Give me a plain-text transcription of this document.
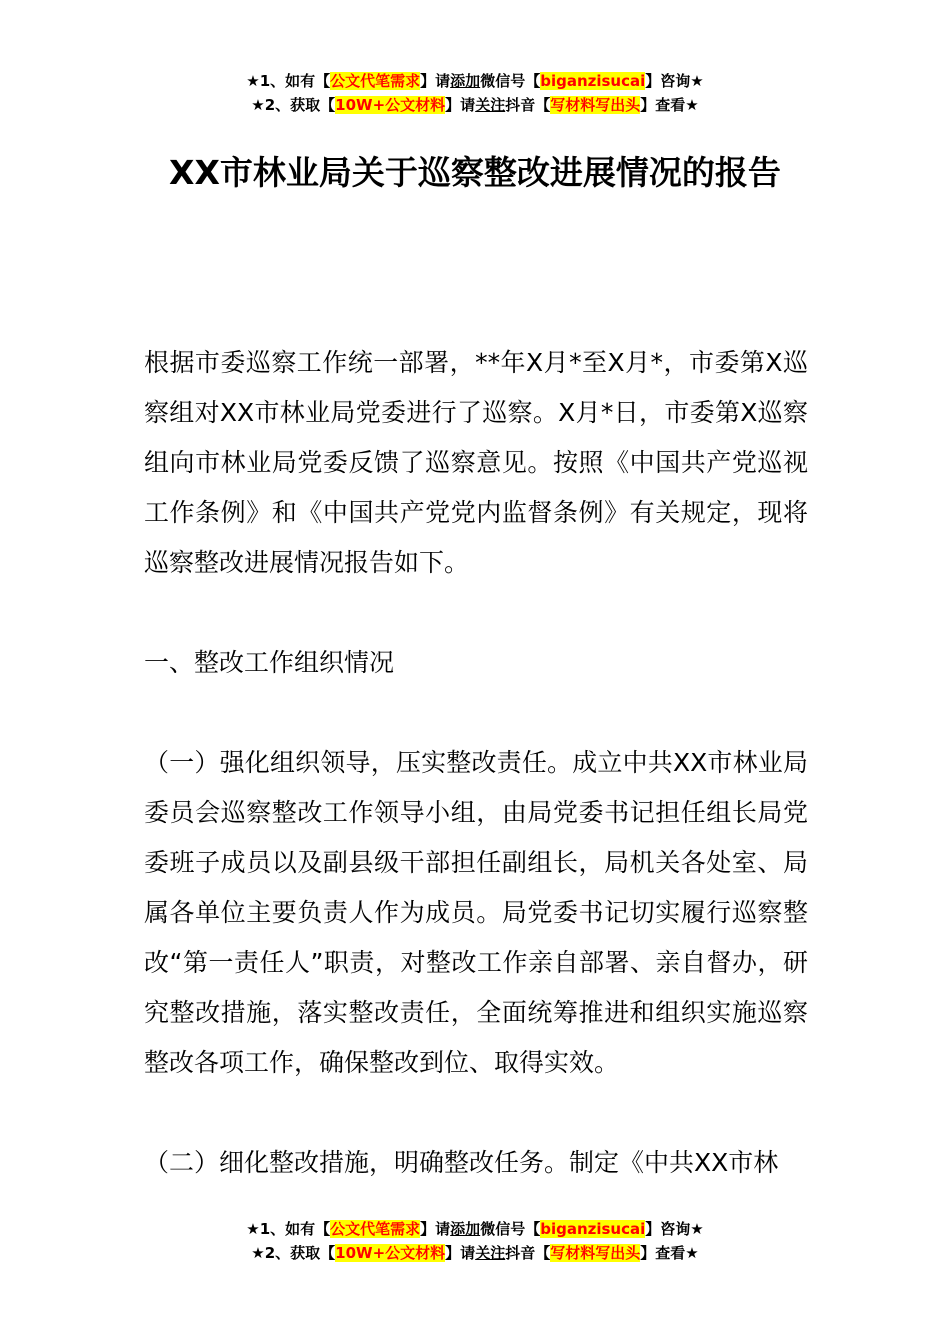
★1、如有【公文代笔需求】请添加微信号【biganzisucai】咨询★
★2、获取【10W+公文材料】请关注抖音【写材料写出头】查看★
XX市林业局关于巡察整改进展情况的报告

根据市委巡察工作统一部署，**年X月*至X月*，市委第X巡察组对XX市林业局党委进行了巡察。X月*日，市委第X巡察组向市林业局党委反馈了巡察意见。按照《中国共产党巡视工作条例》和《中国共产党党内监督条例》有关规定，现将巡察整改进展情况报告如下。

一、整改工作组织情况

（一）强化组织领导，压实整改责任。成立中共XX市林业局委员会巡察整改工作领导小组，由局党委书记担任组长局党委班子成员以及副县级干部担任副组长，局机关各处室、局属各单位主要负责人作为成员。局党委书记切实履行巡察整改“第一责任人”职责，对整改工作亲自部署、亲自督办，研究整改措施，落实整改责任，全面统筹推进和组织实施巡察整改各项工作，确保整改到位、取得实效。

（二）细化整改措施，明确整改任务。制定《中共XX市林

★1、如有【公文代笔需求】请添加微信号【biganzisucai】咨询★
★2、获取【10W+公文材料】请关注抖音【写材料写出头】查看★
